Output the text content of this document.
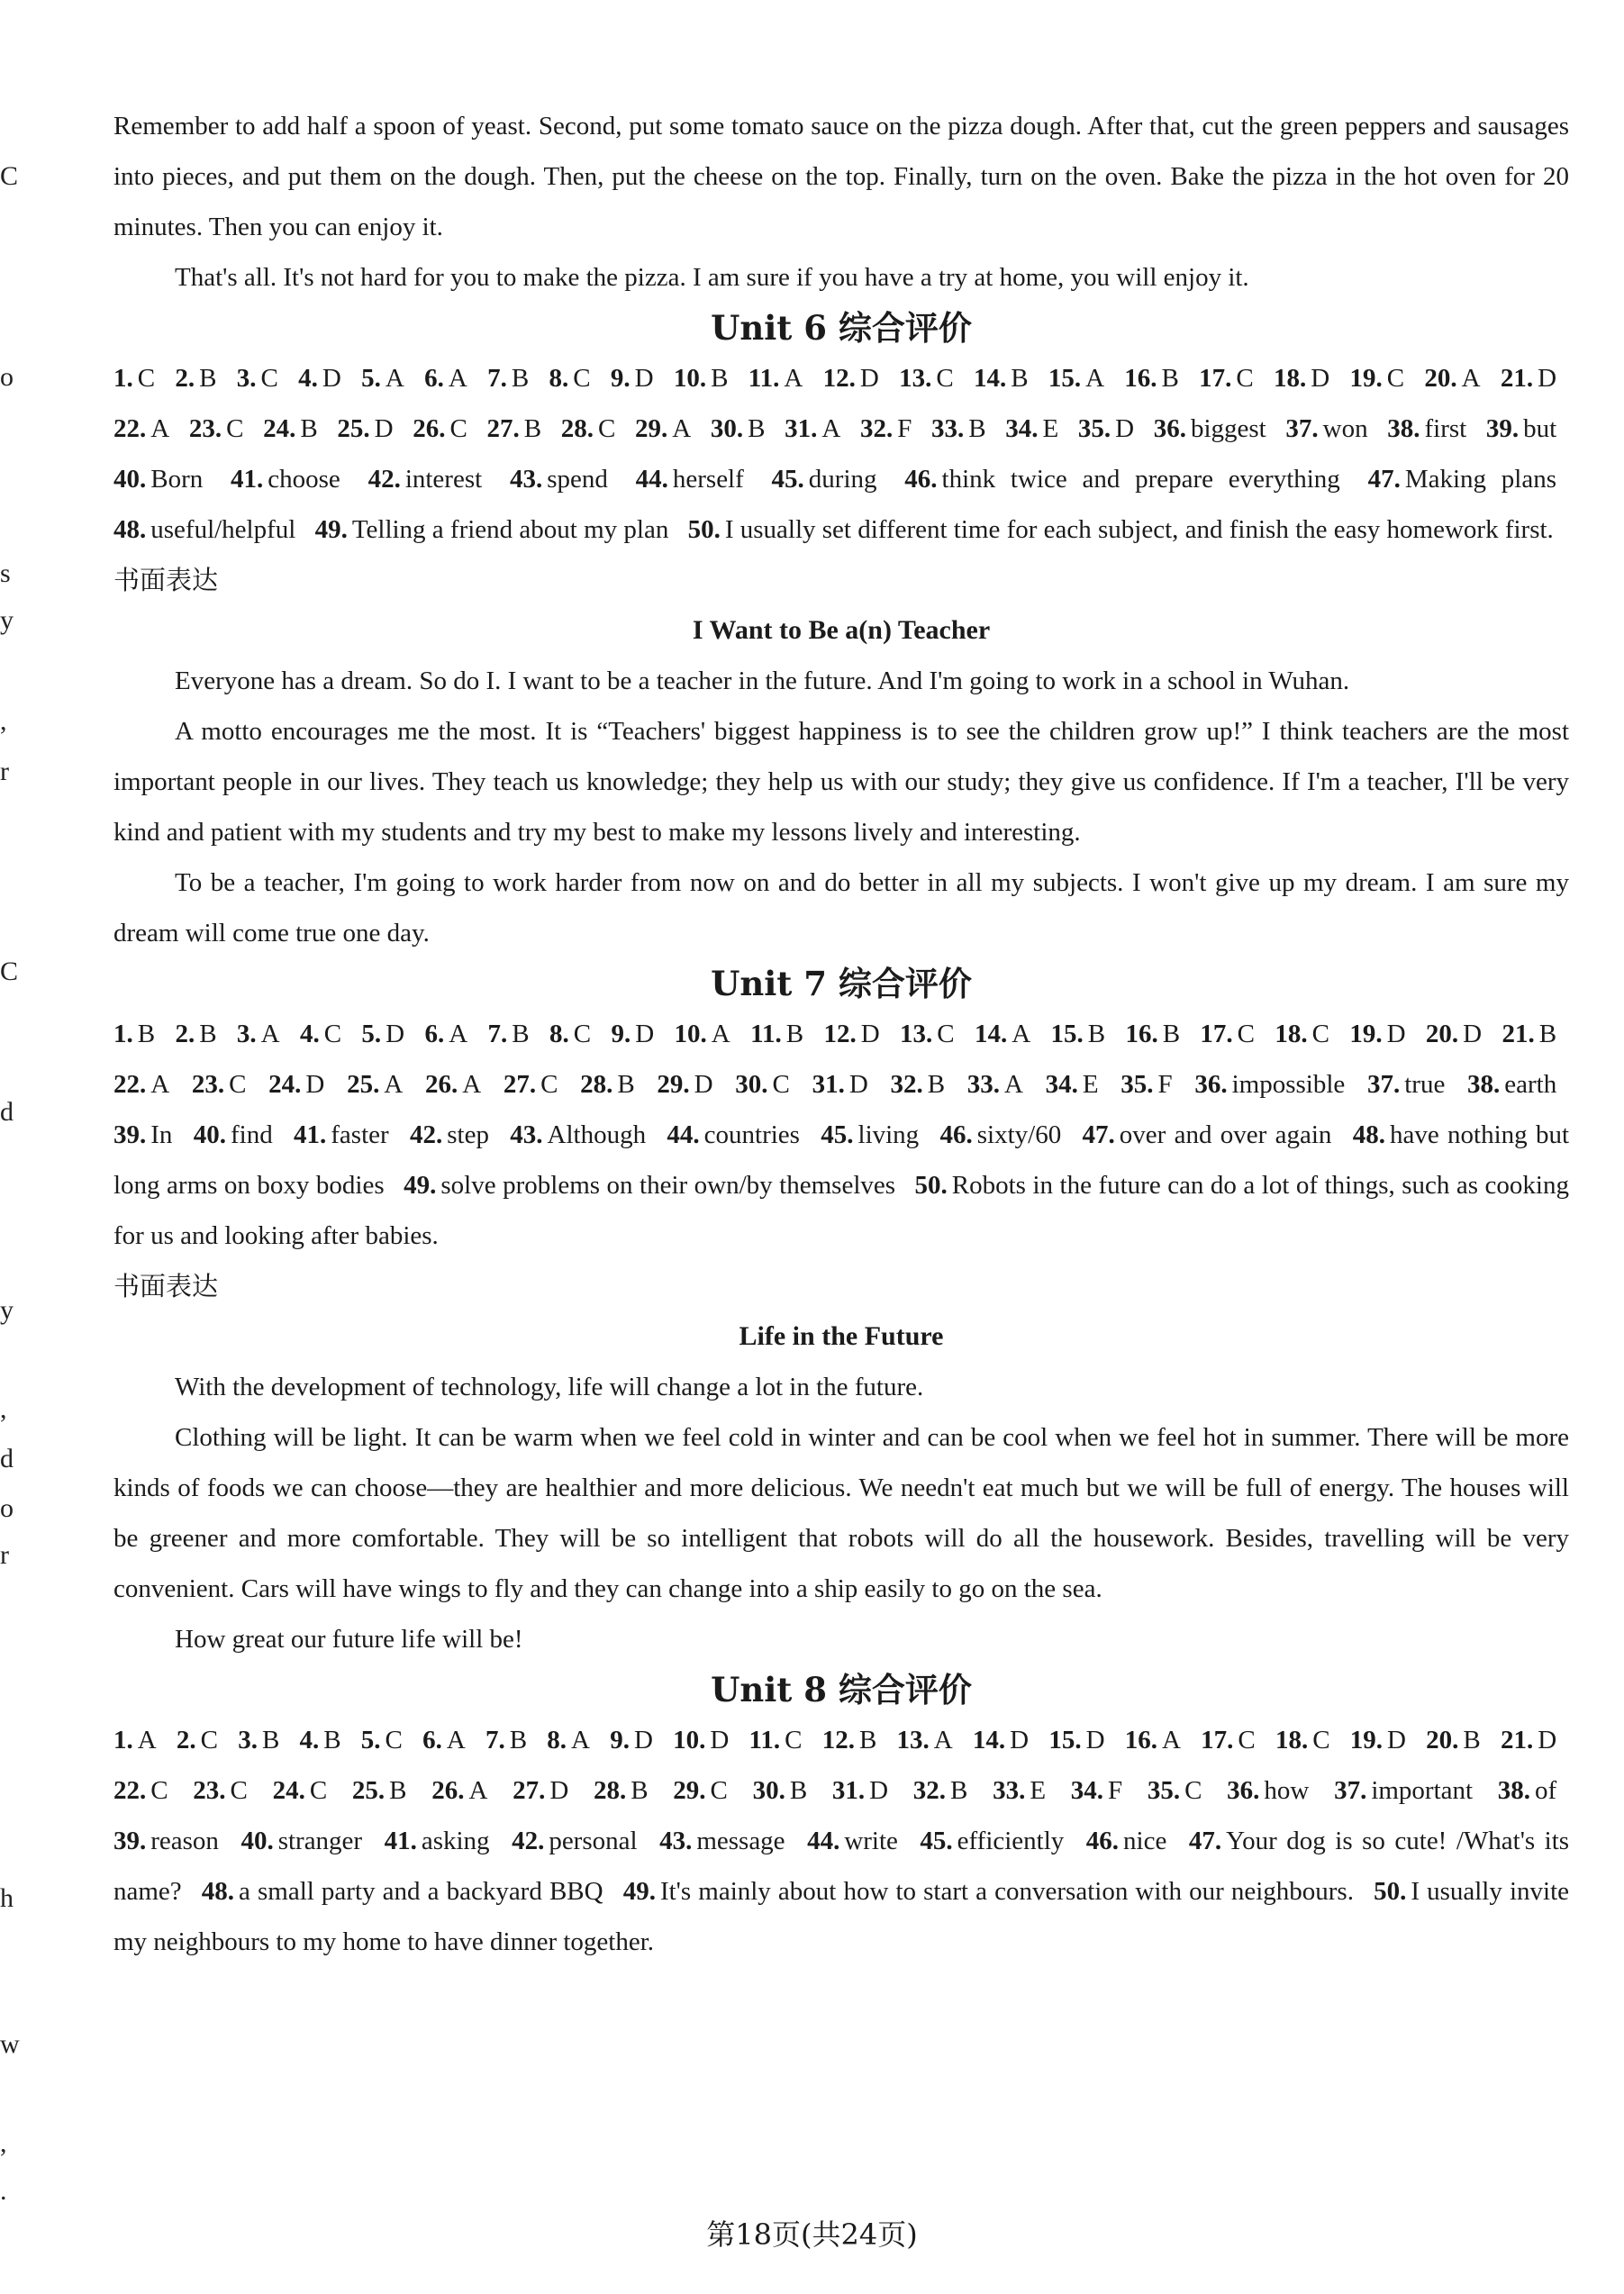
C
o
s
y
,
r
C
d
y
,
d
o
r
h
w
,
.

Remember to add half a spoon of yeast. Second, put some tomato sauce on the pizza dough. After that, cut the green peppers and sausages into pieces, and put them on the dough. Then, put the cheese on the top. Finally, turn on the oven. Bake the pizza in the hot oven for 20 minutes. Then you can enjoy it.

That's all. It's not hard for you to make the pizza. I am sure if you have a try at home, you will enjoy it.

Unit 6 综合评价

1. C 2. B 3. C 4. D 5. A 6. A 7. B 8. C 9. D 10. B 11. A 12. D 13. C 14. B 15. A 16. B 17. C 18. D 19. C 20. A 21. D 22. A 23. C 24. B 25. D 26. C 27. B 28. C 29. A 30. B 31. A 32. F 33. B 34. E 35. D 36. biggest 37. won 38. first 39. but 40. Born 41. choose 42. interest 43. spend 44. herself 45. during 46. think twice and prepare everything 47. Making plans 48. useful/helpful 49. Telling a friend about my plan 50. I usually set different time for each subject, and finish the easy homework first.

书面表达
I Want to Be a(n) Teacher

Everyone has a dream. So do I. I want to be a teacher in the future. And I'm going to work in a school in Wuhan.

A motto encourages me the most. It is “Teachers' biggest happiness is to see the children grow up!” I think teachers are the most important people in our lives. They teach us knowledge; they help us with our study; they give us confidence. If I'm a teacher, I'll be very kind and patient with my students and try my best to make my lessons lively and interesting.

To be a teacher, I'm going to work harder from now on and do better in all my subjects. I won't give up my dream. I am sure my dream will come true one day.

Unit 7 综合评价

1. B 2. B 3. A 4. C 5. D 6. A 7. B 8. C 9. D 10. A 11. B 12. D 13. C 14. A 15. B 16. B 17. C 18. C 19. D 20. D 21. B 22. A 23. C 24. D 25. A 26. A 27. C 28. B 29. D 30. C 31. D 32. B 33. A 34. E 35. F 36. impossible 37. true 38. earth 39. In 40. find 41. faster 42. step 43. Although 44. countries 45. living 46. sixty/60 47. over and over again 48. have nothing but long arms on boxy bodies 49. solve problems on their own/by themselves 50. Robots in the future can do a lot of things, such as cooking for us and looking after babies.

书面表达
Life in the Future

With the development of technology, life will change a lot in the future.

Clothing will be light. It can be warm when we feel cold in winter and can be cool when we feel hot in summer. There will be more kinds of foods we can choose—they are healthier and more delicious. We needn't eat much but we will be full of energy. The houses will be greener and more comfortable. They will be so intelligent that robots will do all the housework. Besides, travelling will be very convenient. Cars will have wings to fly and they can change into a ship easily to go on the sea.

How great our future life will be!

Unit 8 综合评价

1. A 2. C 3. B 4. B 5. C 6. A 7. B 8. A 9. D 10. D 11. C 12. B 13. A 14. D 15. D 16. A 17. C 18. C 19. D 20. B 21. D 22. C 23. C 24. C 25. B 26. A 27. D 28. B 29. C 30. B 31. D 32. B 33. E 34. F 35. C 36. how 37. important 38. of 39. reason 40. stranger 41. asking 42. personal 43. message 44. write 45. efficiently 46. nice 47. Your dog is so cute! /What's its name? 48. a small party and a backyard BBQ 49. It's mainly about how to start a conversation with our neighbours. 50. I usually invite my neighbours to my home to have dinner together.

第18页(共24页)
